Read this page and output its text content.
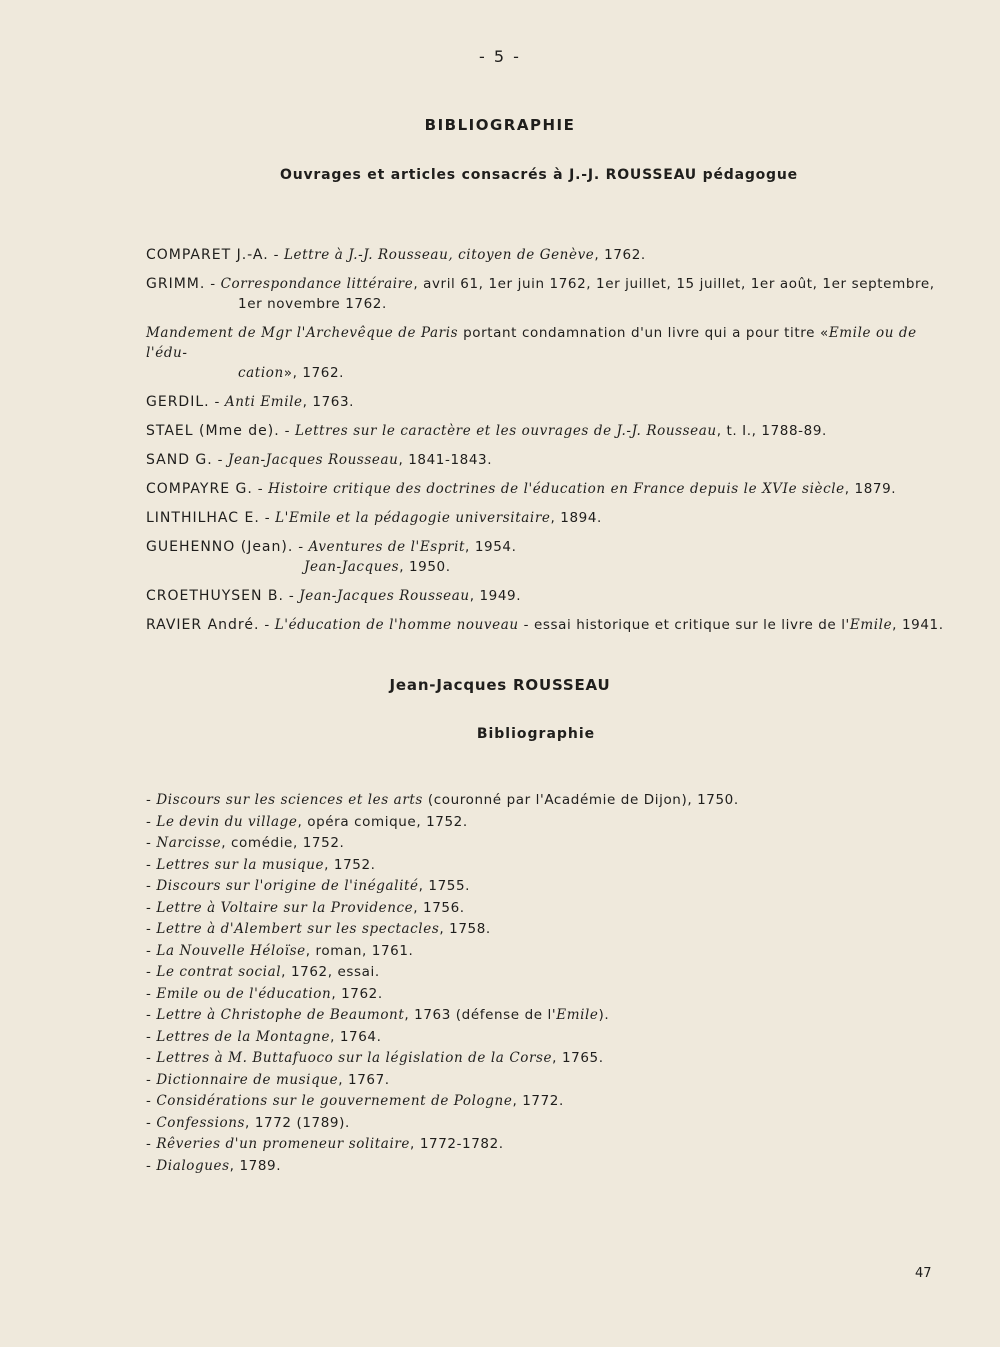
- 5 -
BIBLIOGRAPHIE
Ouvrages et articles consacrés à J.-J. ROUSSEAU pédagogue
COMPARET J.-A. - Lettre à J.-J. Rousseau, citoyen de Genève, 1762.
GRIMM. - Correspondance littéraire, avril 61, 1er juin 1762, 1er juillet, 15 juillet, 1er août, 1er septembre,
1er novembre 1762.
Mandement de Mgr l'Archevêque de Paris portant condamnation d'un livre qui a pour titre «Emile ou de l'édu-
cation», 1762.
GERDIL. - Anti Emile, 1763.
STAEL (Mme de). - Lettres sur le caractère et les ouvrages de J.-J. Rousseau, t. I., 1788-89.
SAND G. - Jean-Jacques Rousseau, 1841-1843.
COMPAYRE G. - Histoire critique des doctrines de l'éducation en France depuis le XVIe siècle, 1879.
LINTHILHAC E. - L'Emile et la pédagogie universitaire, 1894.
GUEHENNO (Jean). - Aventures de l'Esprit, 1954.
Jean-Jacques, 1950.
CROETHUYSEN B. - Jean-Jacques Rousseau, 1949.
RAVIER André. - L'éducation de l'homme nouveau - essai historique et critique sur le livre de l'Emile, 1941.
Jean-Jacques ROUSSEAU
Bibliographie
- Discours sur les sciences et les arts (couronné par l'Académie de Dijon), 1750.
- Le devin du village, opéra comique, 1752.
- Narcisse, comédie, 1752.
- Lettres sur la musique, 1752.
- Discours sur l'origine de l'inégalité, 1755.
- Lettre à Voltaire sur la Providence, 1756.
- Lettre à d'Alembert sur les spectacles, 1758.
- La Nouvelle Héloïse, roman, 1761.
- Le contrat social, 1762, essai.
- Emile ou de l'éducation, 1762.
- Lettre à Christophe de Beaumont, 1763 (défense de l'Emile).
- Lettres de la Montagne, 1764.
- Lettres à M. Buttafuoco sur la législation de la Corse, 1765.
- Dictionnaire de musique, 1767.
- Considérations sur le gouvernement de Pologne, 1772.
- Confessions, 1772 (1789).
- Rêveries d'un promeneur solitaire, 1772-1782.
- Dialogues, 1789.
47
